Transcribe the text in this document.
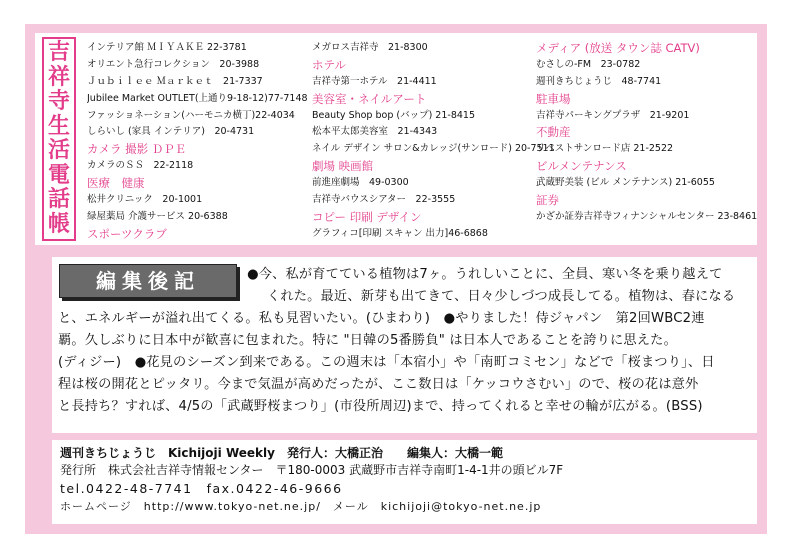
吉
祥
寺
生
活
電
話
帳
インテリア館 ＭＩＹＡＫＥ 22-3781
オリエント急行コレクション　20-3988
Ｊｕｂｉｌｅｅ Ｍａｒｋｅｔ　21-7337
Jubilee Market OUTLET(上通り9-18-12)77-7148
ファッショネーション(ハーモニカ横丁)22-4034
しらいし (家具 インテリア)　20-4731
カメラ 撮影 ＤＰＥ
カメラのＳＳ　22-2118
医療　健康
松井クリニック　20-1001
緑屋薬局 介護サービス 20-6388
スポーツクラブ
メガロス吉祥寺　21-8300
ホテル
吉祥寺第一ホテル　21-4411
美容室・ネイルアート
Beauty Shop bop (バップ) 21-8415
松本平太郎美容室　21-4343
ネイル デザイン サロン&カレッジ(サンロード) 20-7511
劇場 映画館
前進座劇場　49-0300
吉祥寺バウスシアター　22-3555
コピー 印刷 デザイン
グラフィコ[印刷 スキャン 出力]46-6868
メディア (放送 タウン誌 CATV)
むさしの-FM　23-0782
週刊きちじょうじ　48-7741
駐車場
吉祥寺パーキングプラザ　21-9201
不動産
リベストサンロード店 21-2522
ビルメンテナンス
武蔵野美装 (ビル メンテナンス) 21-6055
証券
かざか証券吉祥寺フィナンシャルセンター 23-8461
編集後記	●今、私が育てている植物は7ヶ。うれしいことに、全員、寒い冬を乗り越えて
くれた。最近、新芽も出てきて、日々少しづつ成長してる。植物は、春になる
と、エネルギーが溢れ出てくる。私も見習いたい。(ひまわり)　●やりました！侍ジャパン　第2回WBC2連
覇。久しぶりに日本中が歓喜に包まれた。特に "日韓の5番勝負" は日本人であることを誇りに思えた。
(ディジー)　●花見のシーズン到来である。この週末は「本宿小」や「南町コミセン」などで「桜まつり」、日
程は桜の開花とピッタリ。今まで気温が高めだったが、ここ数日は「ケッコウさむい」ので、桜の花は意外
と長持ち？すれば、4/5の「武蔵野桜まつり」(市役所周辺)まで、持ってくれると幸せの輪が広がる。(BSS)
週刊きちじょうじ　Kichijoji Weekly　発行人：大橋正治　　編集人：大橋一範
発行所　株式会社吉祥寺情報センター　〒180-0003 武蔵野市吉祥寺南町1-4-1井の頭ビル7F
tel.0422-48-7741　fax.0422-46-9666
ホームページ　http://www.tokyo-net.ne.jp/　メール　kichijoji@tokyo-net.ne.jp
